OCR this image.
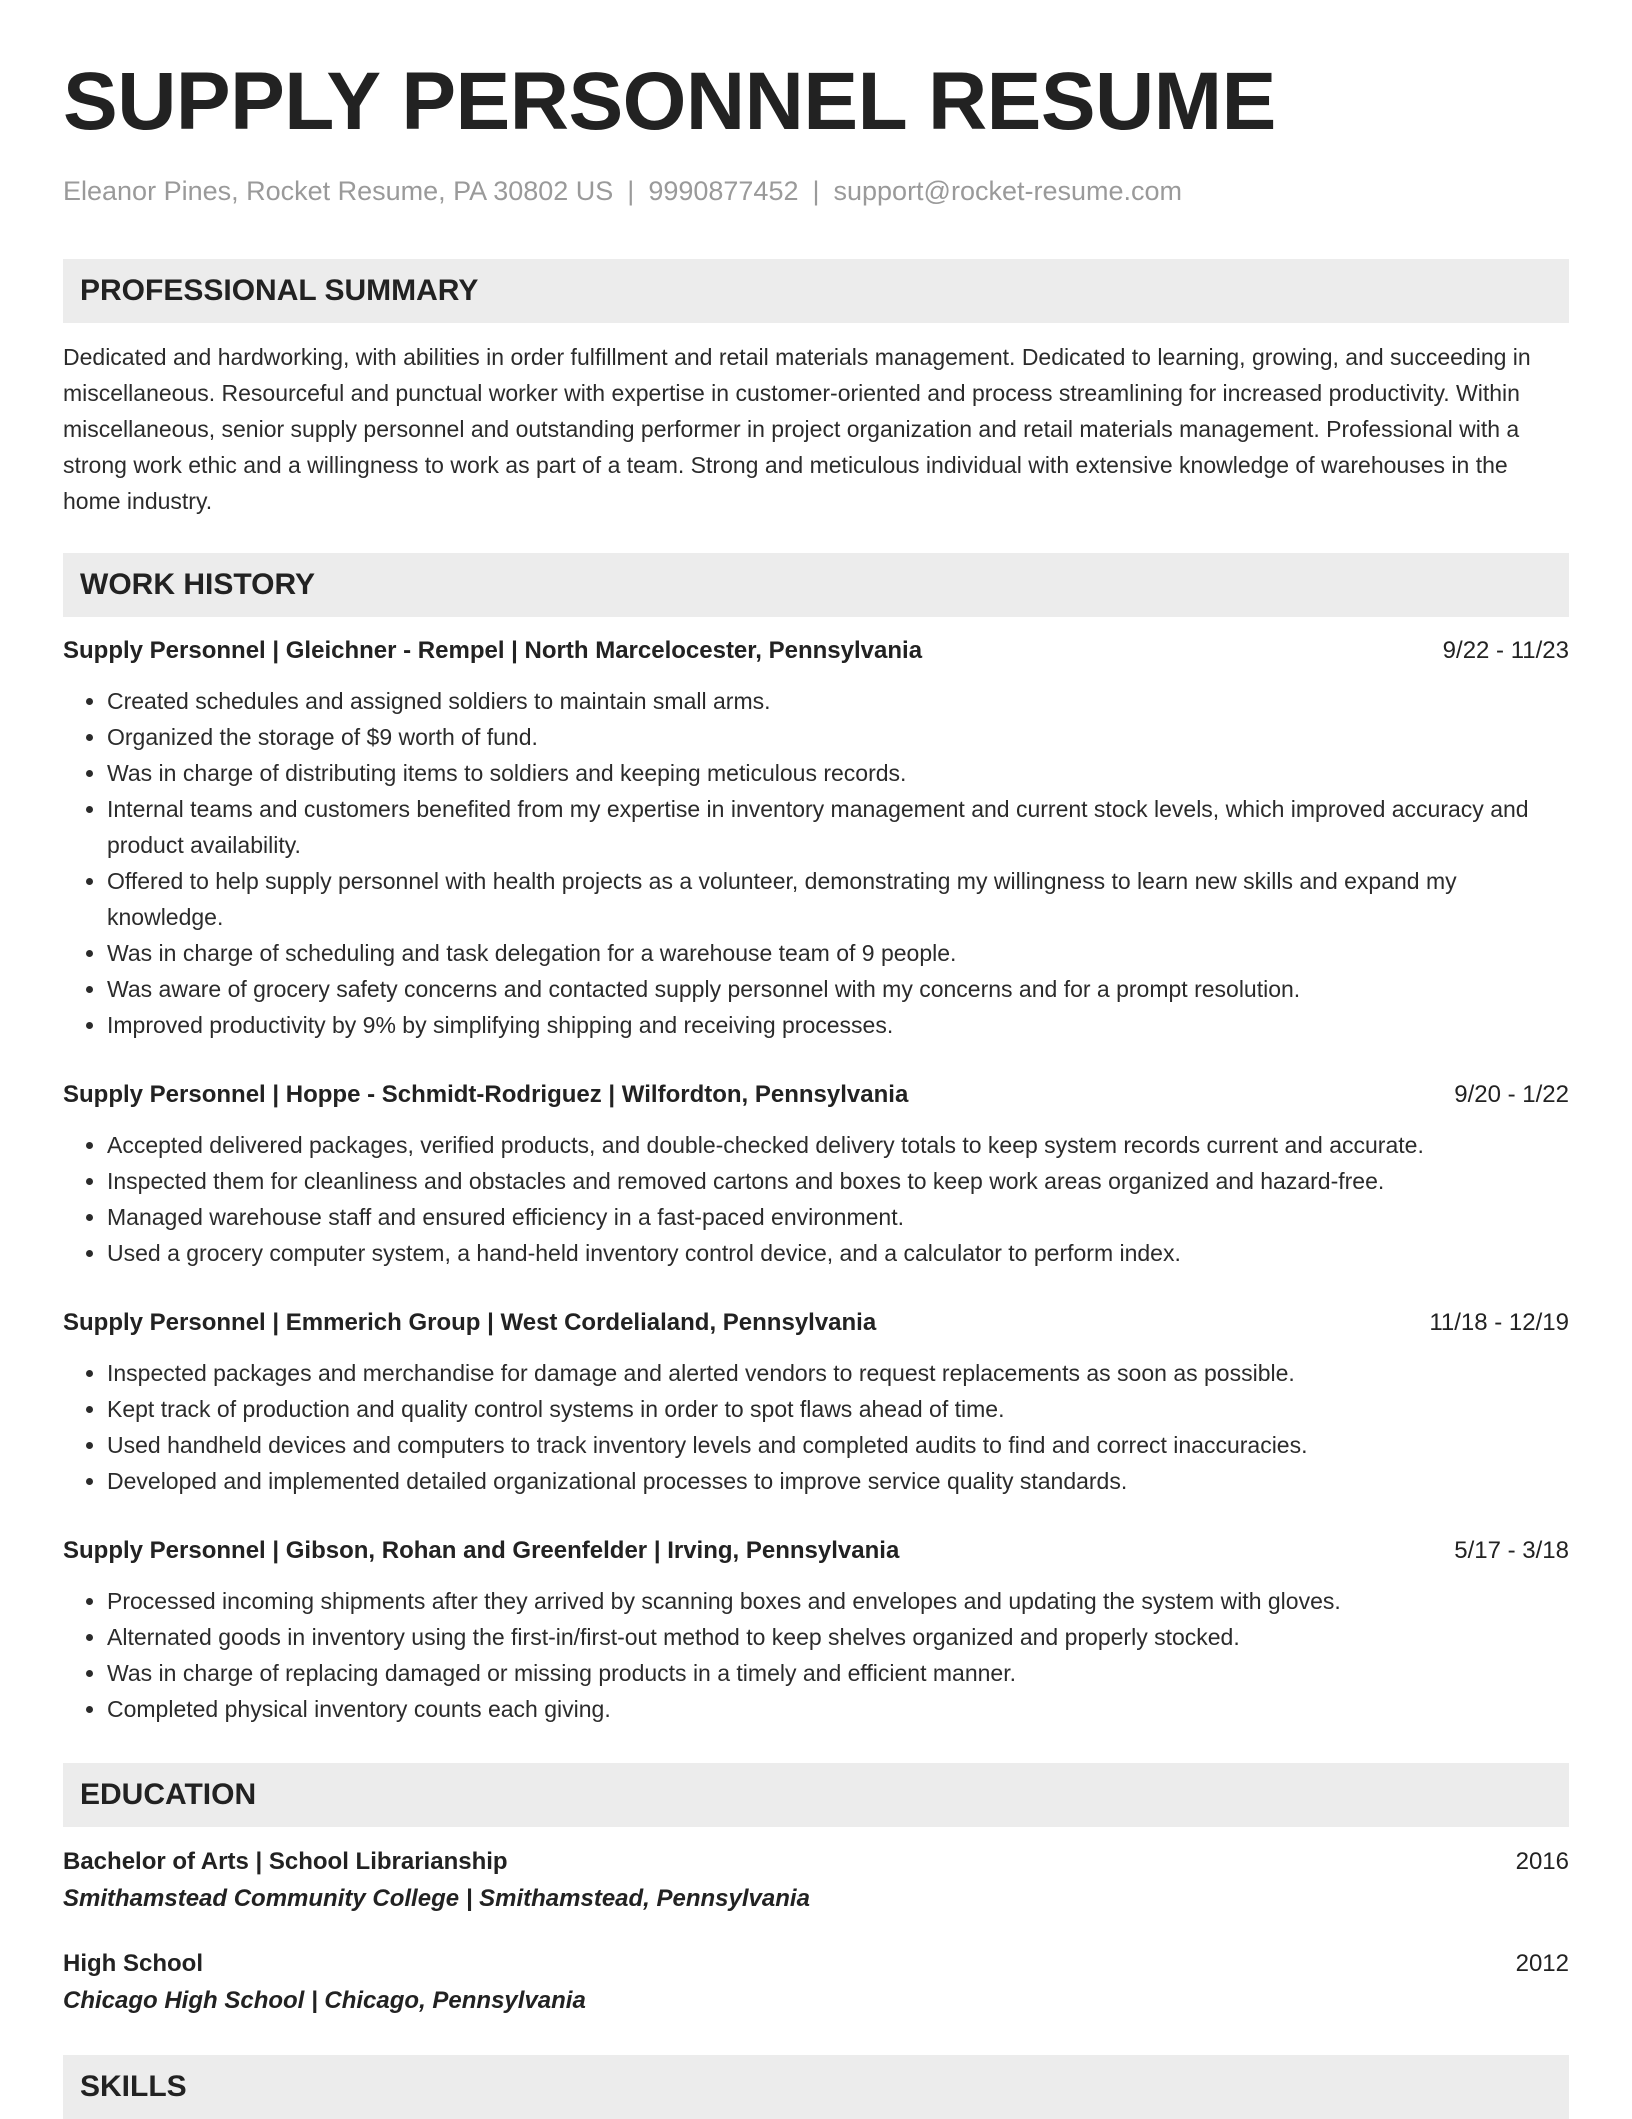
SUPPLY PERSONNEL RESUME
Eleanor Pines, Rocket Resume, PA 30802 US | 9990877452 | support@rocket-resume.com
PROFESSIONAL SUMMARY

Dedicated and hardworking, with abilities in order fulfillment and retail materials management. Dedicated to learning, growing, and succeeding in miscellaneous. Resourceful and punctual worker with expertise in customer-oriented and process streamlining for increased productivity. Within miscellaneous, senior supply personnel and outstanding performer in project organization and retail materials management. Professional with a strong work ethic and a willingness to work as part of a team. Strong and meticulous individual with extensive knowledge of warehouses in the home industry.

WORK HISTORY
Supply Personnel | Gleichner - Rempel | North Marcelocester, Pennsylvania	9/22 - 11/23
• Created schedules and assigned soldiers to maintain small arms.
• Organized the storage of $9 worth of fund.
• Was in charge of distributing items to soldiers and keeping meticulous records.
• Internal teams and customers benefited from my expertise in inventory management and current stock levels, which improved accuracy and product availability.
• Offered to help supply personnel with health projects as a volunteer, demonstrating my willingness to learn new skills and expand my knowledge.
• Was in charge of scheduling and task delegation for a warehouse team of 9 people.
• Was aware of grocery safety concerns and contacted supply personnel with my concerns and for a prompt resolution.
• Improved productivity by 9% by simplifying shipping and receiving processes.
Supply Personnel | Hoppe - Schmidt-Rodriguez | Wilfordton, Pennsylvania	9/20 - 1/22
• Accepted delivered packages, verified products, and double-checked delivery totals to keep system records current and accurate.
• Inspected them for cleanliness and obstacles and removed cartons and boxes to keep work areas organized and hazard-free.
• Managed warehouse staff and ensured efficiency in a fast-paced environment.
• Used a grocery computer system, a hand-held inventory control device, and a calculator to perform index.
Supply Personnel | Emmerich Group | West Cordelialand, Pennsylvania	11/18 - 12/19
• Inspected packages and merchandise for damage and alerted vendors to request replacements as soon as possible.
• Kept track of production and quality control systems in order to spot flaws ahead of time.
• Used handheld devices and computers to track inventory levels and completed audits to find and correct inaccuracies.
• Developed and implemented detailed organizational processes to improve service quality standards.
Supply Personnel | Gibson, Rohan and Greenfelder | Irving, Pennsylvania	5/17 - 3/18
• Processed incoming shipments after they arrived by scanning boxes and envelopes and updating the system with gloves.
• Alternated goods in inventory using the first-in/first-out method to keep shelves organized and properly stocked.
• Was in charge of replacing damaged or missing products in a timely and efficient manner.
• Completed physical inventory counts each giving.
EDUCATION
Bachelor of Arts | School Librarianship	2016
Smithamstead Community College | Smithamstead, Pennsylvania
High School	2012
Chicago High School | Chicago, Pennsylvania
SKILLS
